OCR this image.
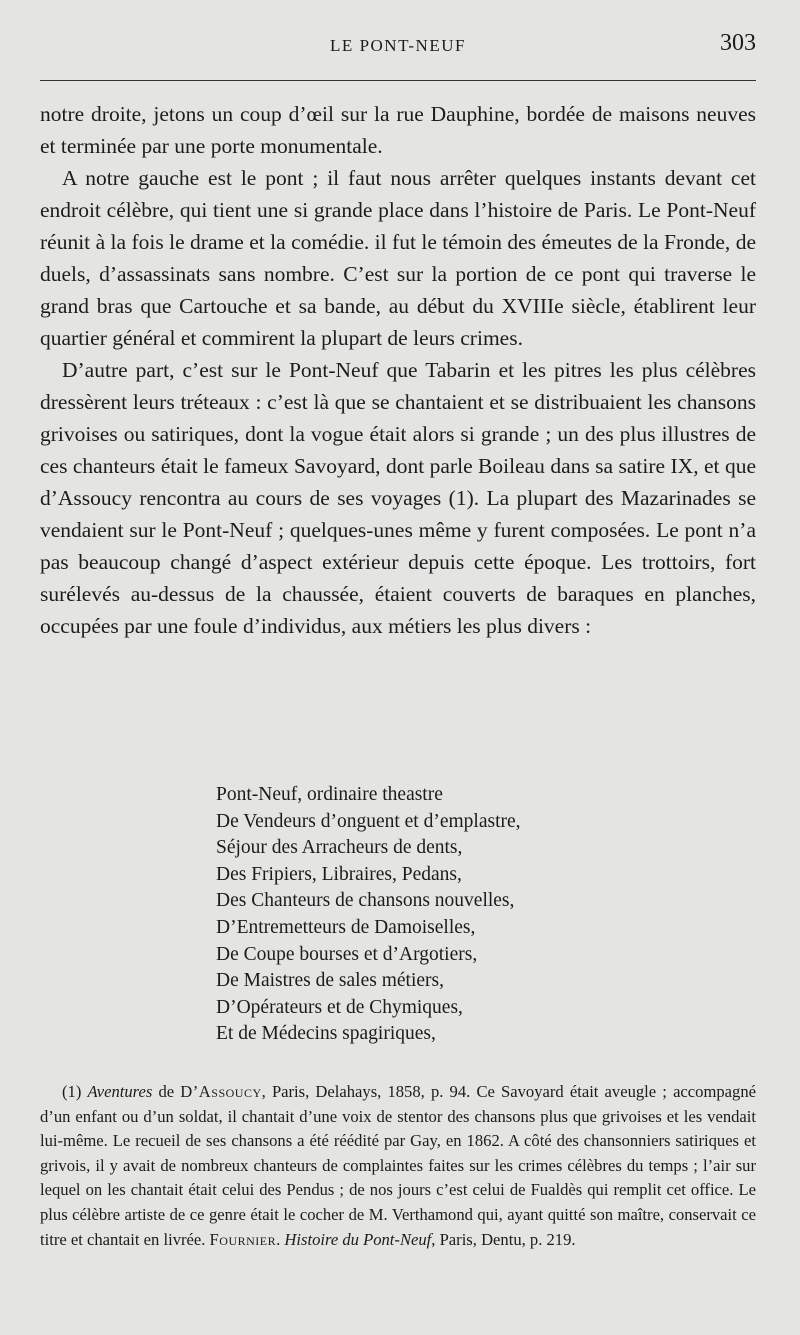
LE PONT-NEUF	303

notre droite, jetons un coup d’œil sur la rue Dauphine, bordée de maisons neuves et terminée par une porte monumentale.

A notre gauche est le pont ; il faut nous arrêter quelques instants devant cet endroit célèbre, qui tient une si grande place dans l’histoire de Paris. Le Pont-Neuf réunit à la fois le drame et la comédie. il fut le témoin des émeutes de la Fronde, de duels, d’assassinats sans nombre. C’est sur la portion de ce pont qui traverse le grand bras que Cartouche et sa bande, au début du XVIIIe siècle, établirent leur quartier général et commirent la plupart de leurs crimes.

D’autre part, c’est sur le Pont-Neuf que Tabarin et les pitres les plus célèbres dressèrent leurs tréteaux : c’est là que se chantaient et se distribuaient les chansons grivoises ou satiriques, dont la vogue était alors si grande ; un des plus illustres de ces chanteurs était le fameux Savoyard, dont parle Boileau dans sa satire IX, et que d’Assoucy rencontra au cours de ses voyages (1). La plupart des Mazarinades se vendaient sur le Pont-Neuf ; quelques-unes même y furent composées. Le pont n’a pas beaucoup changé d’aspect extérieur depuis cette époque. Les trottoirs, fort surélevés au-dessus de la chaussée, étaient couverts de baraques en planches, occupées par une foule d’individus, aux métiers les plus divers :

Pont-Neuf, ordinaire theastre
De Vendeurs d’onguent et d’emplastre,
Séjour des Arracheurs de dents,
Des Fripiers, Libraires, Pedans,
Des Chanteurs de chansons nouvelles,
D’Entremetteurs de Damoiselles,
De Coupe bourses et d’Argotiers,
De Maistres de sales métiers,
D’Opérateurs et de Chymiques,
Et de Médecins spagiriques,

(1) Aventures de D’Assoucy, Paris, Delahays, 1858, p. 94. Ce Savoyard était aveugle ; accompagné d’un enfant ou d’un soldat, il chantait d’une voix de stentor des chansons plus que grivoises et les vendait lui-même. Le recueil de ses chansons a été réédité par Gay, en 1862. A côté des chansonniers satiriques et grivois, il y avait de nombreux chanteurs de complaintes faites sur les crimes célèbres du temps ; l’air sur lequel on les chantait était celui des Pendus ; de nos jours c’est celui de Fualdès qui remplit cet office. Le plus célèbre artiste de ce genre était le cocher de M. Verthamond qui, ayant quitté son maître, conservait ce titre et chantait en livrée. Fournier. Histoire du Pont-Neuf, Paris, Dentu, p. 219.
